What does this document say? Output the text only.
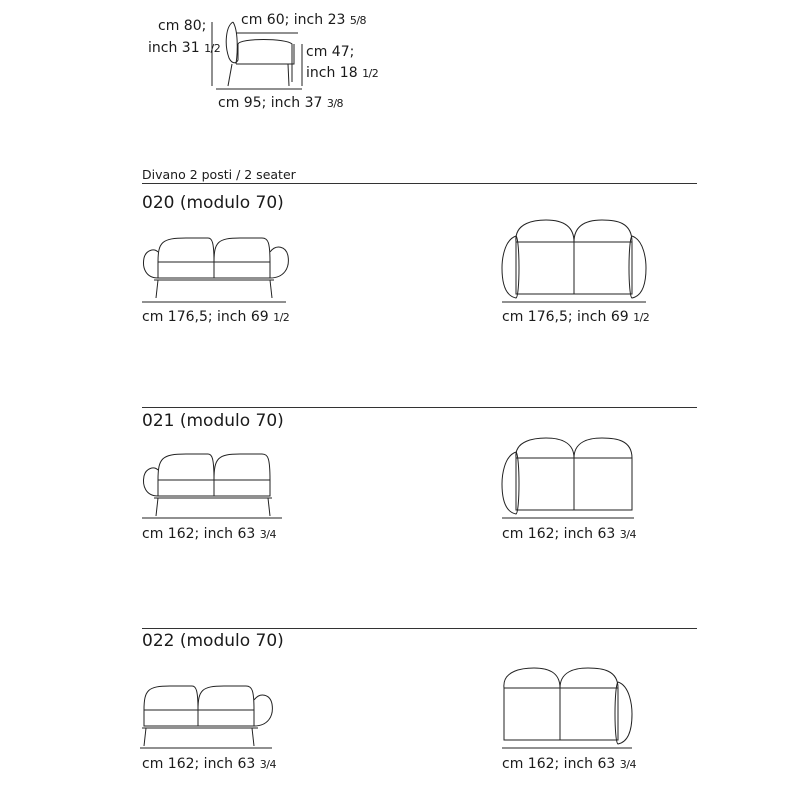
cm 80;
inch 31 1/2
cm 60; inch 23 5/8
cm 47;
inch 18 1/2
cm 95; inch 37 3/8
Divano 2 posti / 2 seater
020 (modulo 70)
cm 176,5; inch 69 1/2	cm 176,5; inch 69 1/2
021 (modulo 70)
cm 162; inch 63 3/4	cm 162; inch 63 3/4
022 (modulo 70)
cm 162; inch 63 3/4	cm 162; inch 63 3/4
